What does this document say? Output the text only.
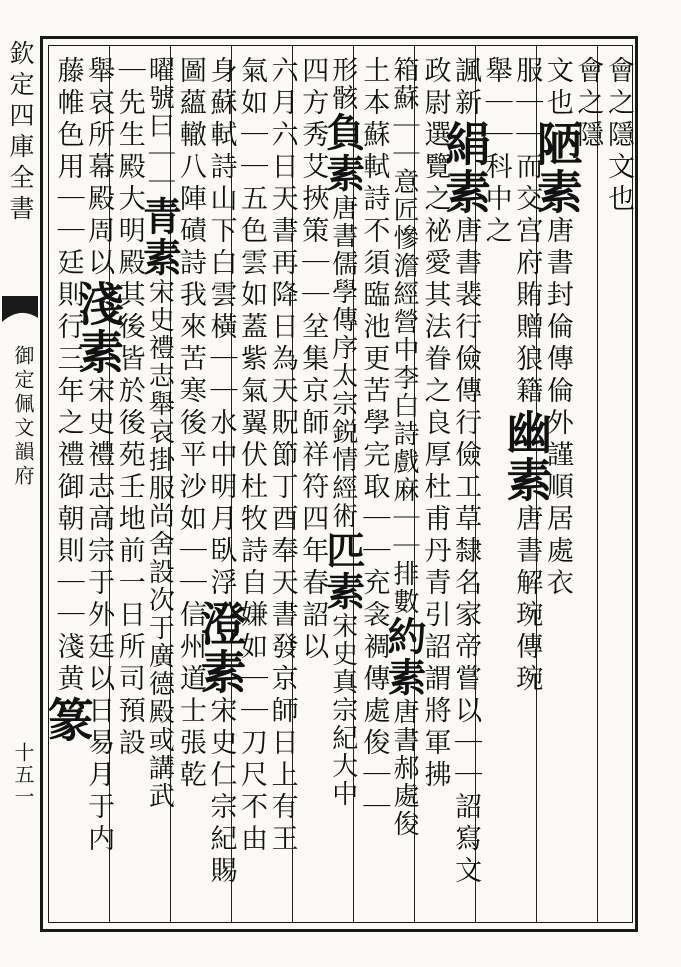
欽定四庫全書
御定佩文韻府
十五一
會之隱文也
會之隱
文也陋素唐書封倫傳倫外謹順居處衣
服｜｜而交宫府賄贈狼籍幽素唐書解琬傳琬
舉｜｜科中之
諷新絹素唐書裴行儉傳行儉工草隸名家帝嘗以｜｜詔寫文
政尉選覽之祕愛其法眷之良厚杜甫丹青引詔謂將軍拂
箱蘇｜｜意匠慘澹經營中李白詩戲麻｜｜排數約素唐書郝處俊
土本蘇軾詩不須臨池更苦學完取｜｜充衾裯傳處俊｜｜
形骸負素唐書儒學傳序太宗鋭情經術匹素宋史真宗紀大中
四方秀艾挾策｜｜坌集京師祥符四年春詔以
六月六日天書再降日為天貺節丁酉奉天書發京師日上有王
氣如｜｜五色雲如蓋紫氣翼伏杜牧詩自嫌如｜｜刀尺不由
身蘇軾詩山下白雲橫｜｜水中明月臥浮澄素宋史仁宗紀賜
圖蘊轍八陣磧詩我來苦寒後平沙如｜｜信州道士張乾
曜號曰｜｜青素宋史禮志舉哀掛服尚舍設次于廣德殿或講武
｜先生殿大明殿其後皆於後苑壬地前一日所司預設
舉哀所幕殿周以淺素宋史禮志高宗于外廷以日易月于内
藤帷色用｜｜廷則行三年之禮御朝則｜｜淺黄篆
